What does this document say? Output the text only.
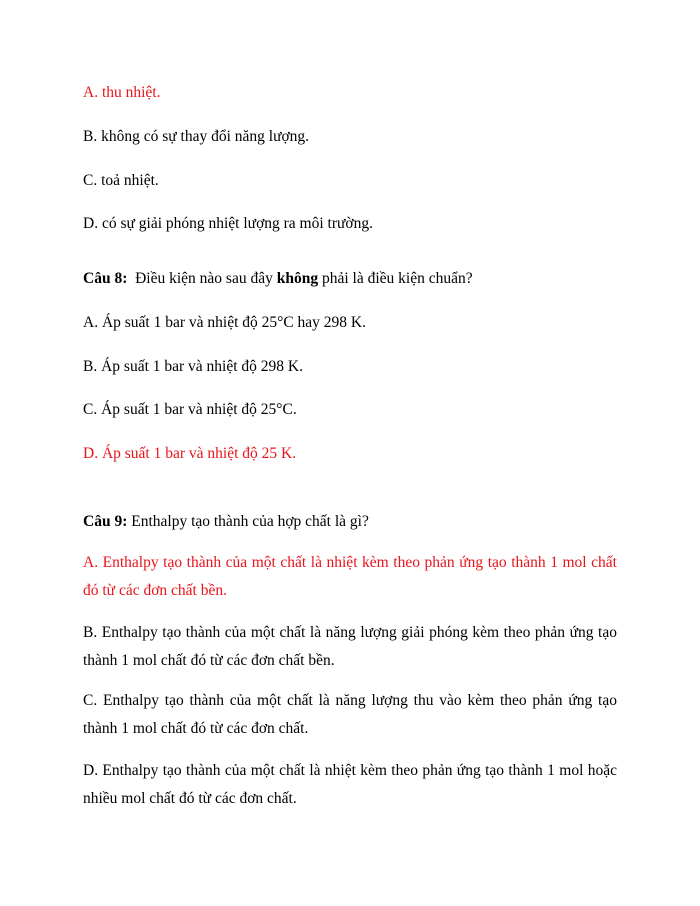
A. thu nhiệt.
B. không có sự thay đổi năng lượng.
C. toả nhiệt.
D. có sự giải phóng nhiệt lượng ra môi trường.
Câu 8:  Điều kiện nào sau đây không phải là điều kiện chuẩn?
A. Áp suất 1 bar và nhiệt độ 25°C hay 298 K.
B. Áp suất 1 bar và nhiệt độ 298 K.
C. Áp suất 1 bar và nhiệt độ 25°C.
D. Áp suất 1 bar và nhiệt độ 25 K.
Câu 9: Enthalpy tạo thành của hợp chất là gì?
A. Enthalpy tạo thành của một chất là nhiệt kèm theo phản ứng tạo thành 1 mol chất đó từ các đơn chất bền.
B. Enthalpy tạo thành của một chất là năng lượng giải phóng kèm theo phản ứng tạo thành 1 mol chất đó từ các đơn chất bền.
C. Enthalpy tạo thành của một chất là năng lượng thu vào kèm theo phản ứng tạo thành 1 mol chất đó từ các đơn chất.
D. Enthalpy tạo thành của một chất là nhiệt kèm theo phản ứng tạo thành 1 mol hoặc nhiều mol chất đó từ các đơn chất.
